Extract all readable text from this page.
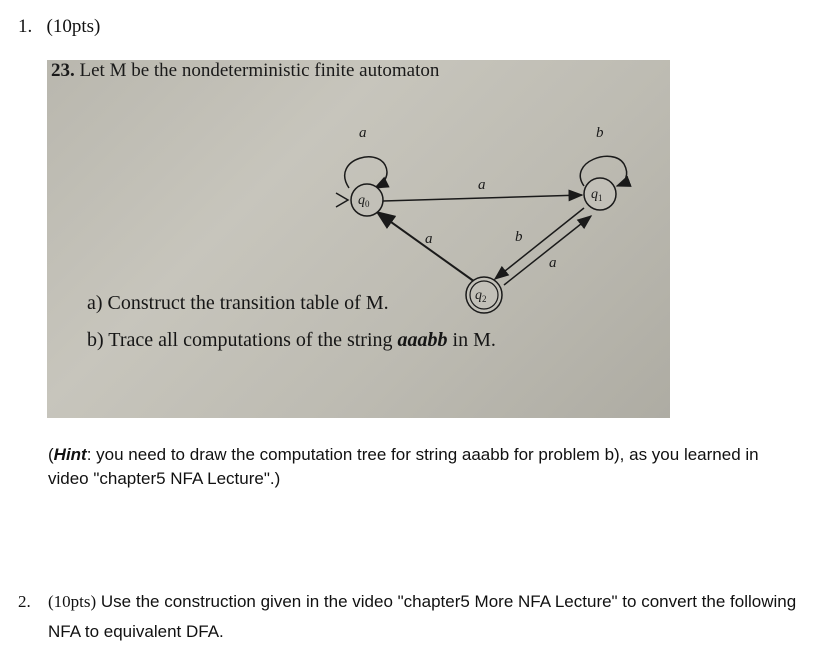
1. (10pts)
23. Let M be the nondeterministic finite automaton
a	b
a
a	b
a
$q_0$
$q_1$
$q_2$
a) Construct the transition table of M.
b) Trace all computations of the string aaabb in M.
(Hint: you need to draw the computation tree for string aaabb for problem b), as you learned in video "chapter5 NFA Lecture".)
2. (10pts) Use the construction given in the video "chapter5 More NFA Lecture" to convert the following NFA to equivalent DFA.
